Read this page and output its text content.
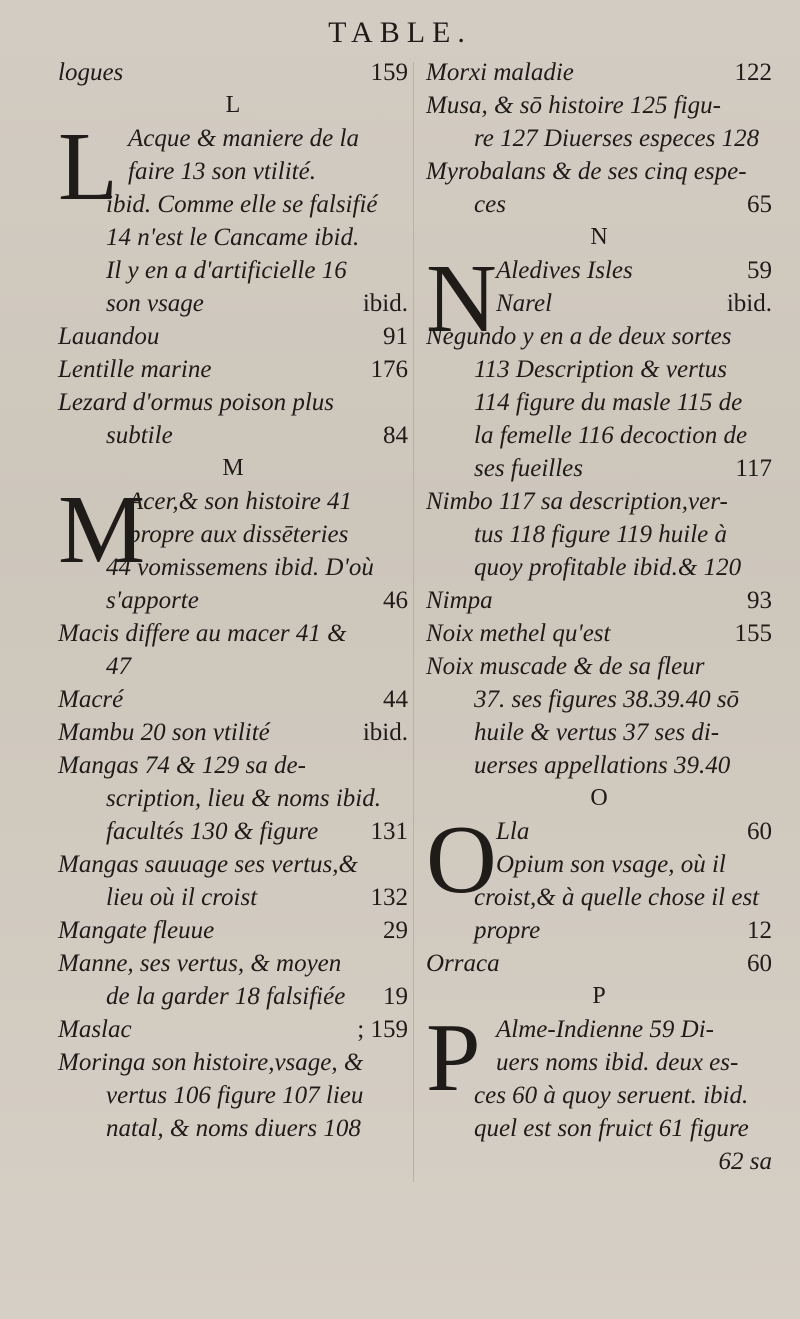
TABLE.
logues	159
L
L Acque & maniere de la
faire 13 son vtilité.
ibid. Comme elle se falsifié
14 n'est le Cancame ibid.
Il y en a d'artificielle 16
son vsage	ibid.
Lauandou	91
Lentille marine	176
Lezard d'ormus poison plus
subtile	84
M
M
Acer,& son histoire 41
propre aux dissēteries
44 vomissemens ibid. D'où
s'apporte	46
Macis differe au macer 41 &
47
Macré	44
Mambu 20 son vtilité	ibid.
Mangas 74 & 129 sa de-
scription, lieu & noms ibid.
facultés 130 & figure 131
Mangas sauuage ses vertus,&
lieu où il croist	132
Mangate fleuue	29
Manne, ses vertus, & moyen
de la garder 18 falsifiée 19
Maslac	; 159
Moringa son histoire,vsage, &
vertus 106 figure 107 lieu
natal, & noms diuers 108
Morxi maladie	122
Musa, & sō histoire 125 figu-
re 127 Diuerses especes 128
Myrobalans & de ses cinq espe-
ces	65
N
N Aledives Isles	59
Narel	ibid.
Negundo y en a de deux sortes
113 Description & vertus
114 figure du masle 115 de
la femelle 116 decoction de
ses fueilles	117
Nimbo 117 sa description,ver-
tus 118 figure 119 huile à
quoy profitable ibid.& 120
Nimpa	93
Noix methel qu'est	155
Noix muscade & de sa fleur
37. ses figures 38.39.40 sō
huile & vertus 37 ses di-
uerses appellations 39.40
O
O Lla	60
Opium son vsage, où il
croist,& à quelle chose il est
propre	12
Orraca	60
P
P Alme-Indienne 59 Di-
uers noms ibid. deux es-
ces 60 à quoy seruent. ibid.
quel est son fruict 61 figure
62 sa
